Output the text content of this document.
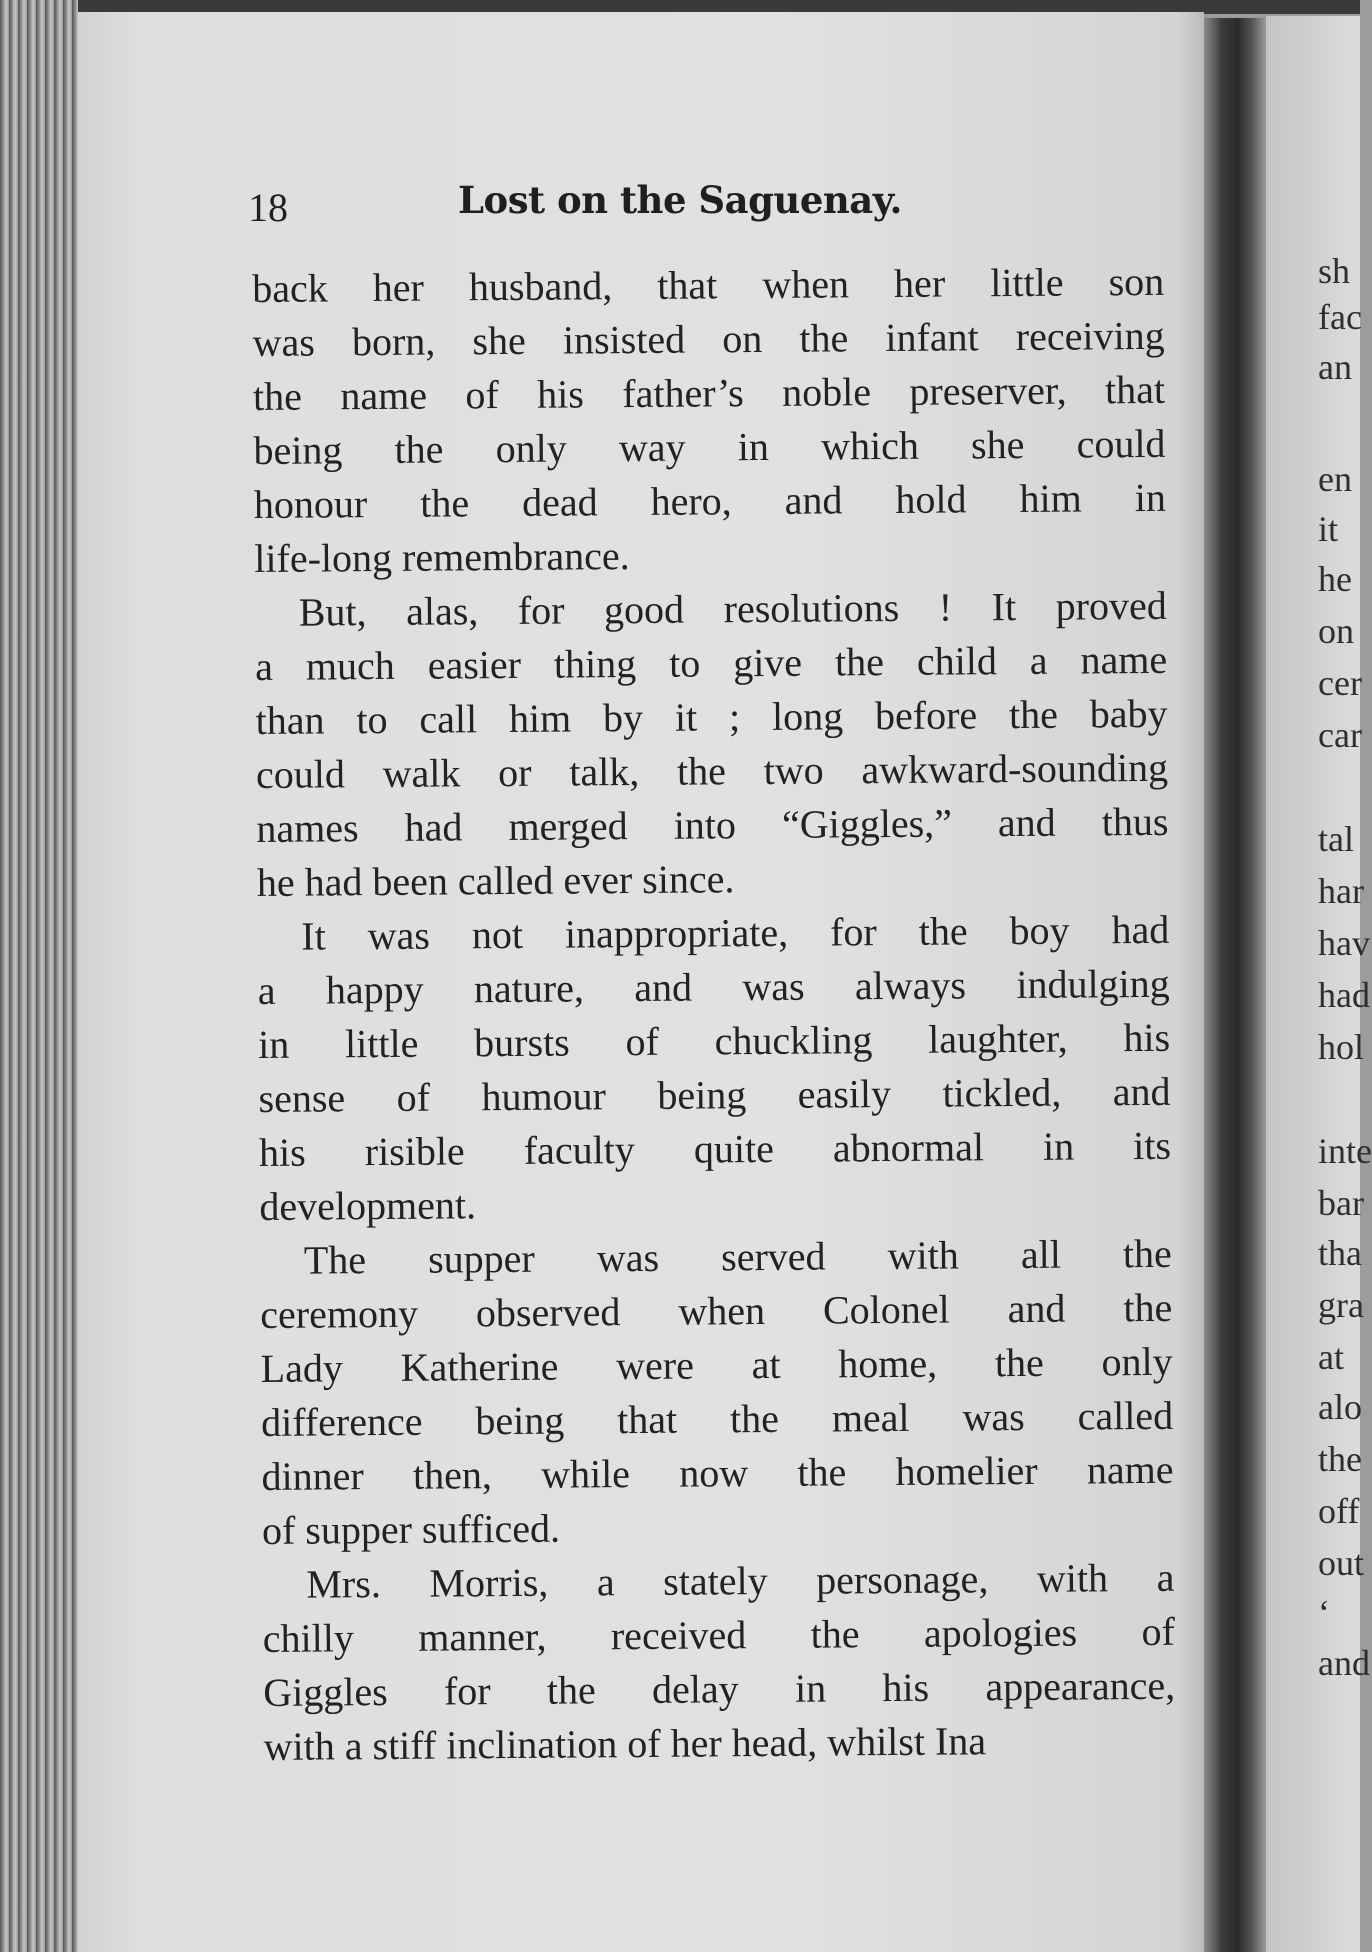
18	Lost on the Saguenay.
back her husband, that when her little son
was born, she insisted on the infant receiving
the name of his father’s noble preserver, that
being the only way in which she could
honour the dead hero, and hold him in
life-long remembrance.
But, alas, for good resolutions ! It proved
a much easier thing to give the child a name
than to call him by it ; long before the baby
could walk or talk, the two awkward-sounding
names had merged into “Giggles,” and thus
he had been called ever since.
It was not inappropriate, for the boy had
a happy nature, and was always indulging
in little bursts of chuckling laughter, his
sense of humour being easily tickled, and
his risible faculty quite abnormal in its
development.
The supper was served with all the
ceremony observed when Colonel and the
Lady Katherine were at home, the only
difference being that the meal was called
dinner then, while now the homelier name
of supper sufficed.
Mrs. Morris, a stately personage, with a
chilly manner, received the apologies of
Giggles for the delay in his appearance,
with a stiff inclination of her head, whilst Ina
sh
fac
an
en
it
he
on
cer
car
tal
har
hav
had
hol
inte
bar
tha
gra
at
alo
the
off
out
‘
and
